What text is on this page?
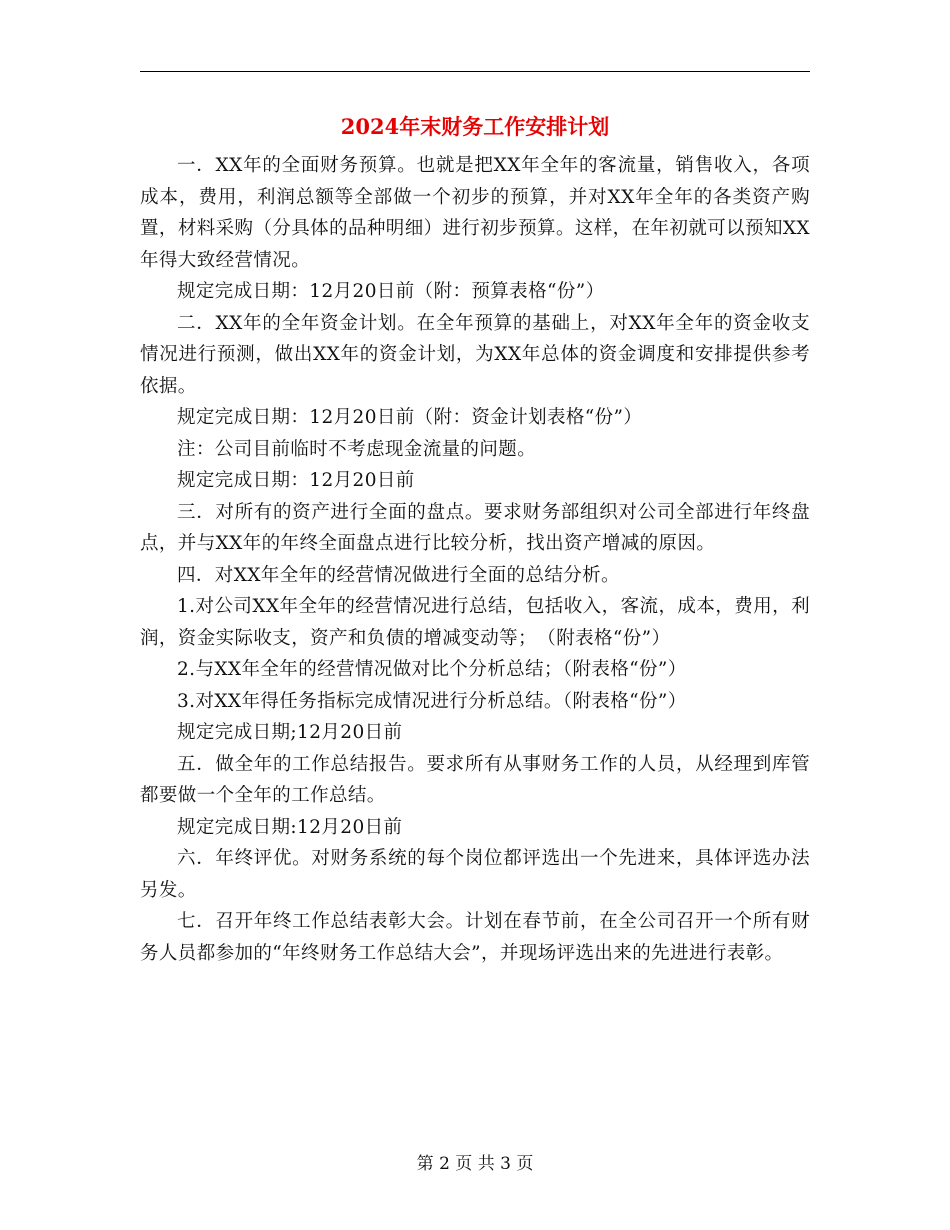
2024年末财务工作安排计划

一．XX年的全面财务预算。也就是把XX年全年的客流量，销售收入，各项成本，费用，利润总额等全部做一个初步的预算，并对XX年全年的各类资产购置，材料采购（分具体的品种明细）进行初步预算。这样，在年初就可以预知XX年得大致经营情况。

规定完成日期：12月20日前（附：预算表格“份”）

二．XX年的全年资金计划。在全年预算的基础上，对XX年全年的资金收支情况进行预测，做出XX年的资金计划，为XX年总体的资金调度和安排提供参考依据。

规定完成日期：12月20日前（附：资金计划表格“份”）

注：公司目前临时不考虑现金流量的问题。

规定完成日期：12月20日前

三．对所有的资产进行全面的盘点。要求财务部组织对公司全部进行年终盘点，并与XX年的年终全面盘点进行比较分析，找出资产增减的原因。

四．对XX年全年的经营情况做进行全面的总结分析。

1.对公司XX年全年的经营情况进行总结，包括收入，客流，成本，费用，利润，资金实际收支，资产和负债的增减变动等；　（附表格“份”）

2.与XX年全年的经营情况做对比个分析总结；（附表格“份”）

3.对XX年得任务指标完成情况进行分析总结。（附表格“份”）

规定完成日期;12月20日前

五．做全年的工作总结报告。要求所有从事财务工作的人员，从经理到库管都要做一个全年的工作总结。

规定完成日期:12月20日前

六．年终评优。对财务系统的每个岗位都评选出一个先进来，具体评选办法另发。

七．召开年终工作总结表彰大会。计划在春节前，在全公司召开一个所有财务人员都参加的“年终财务工作总结大会”，并现场评选出来的先进进行表彰。

第 2 页 共 3 页
